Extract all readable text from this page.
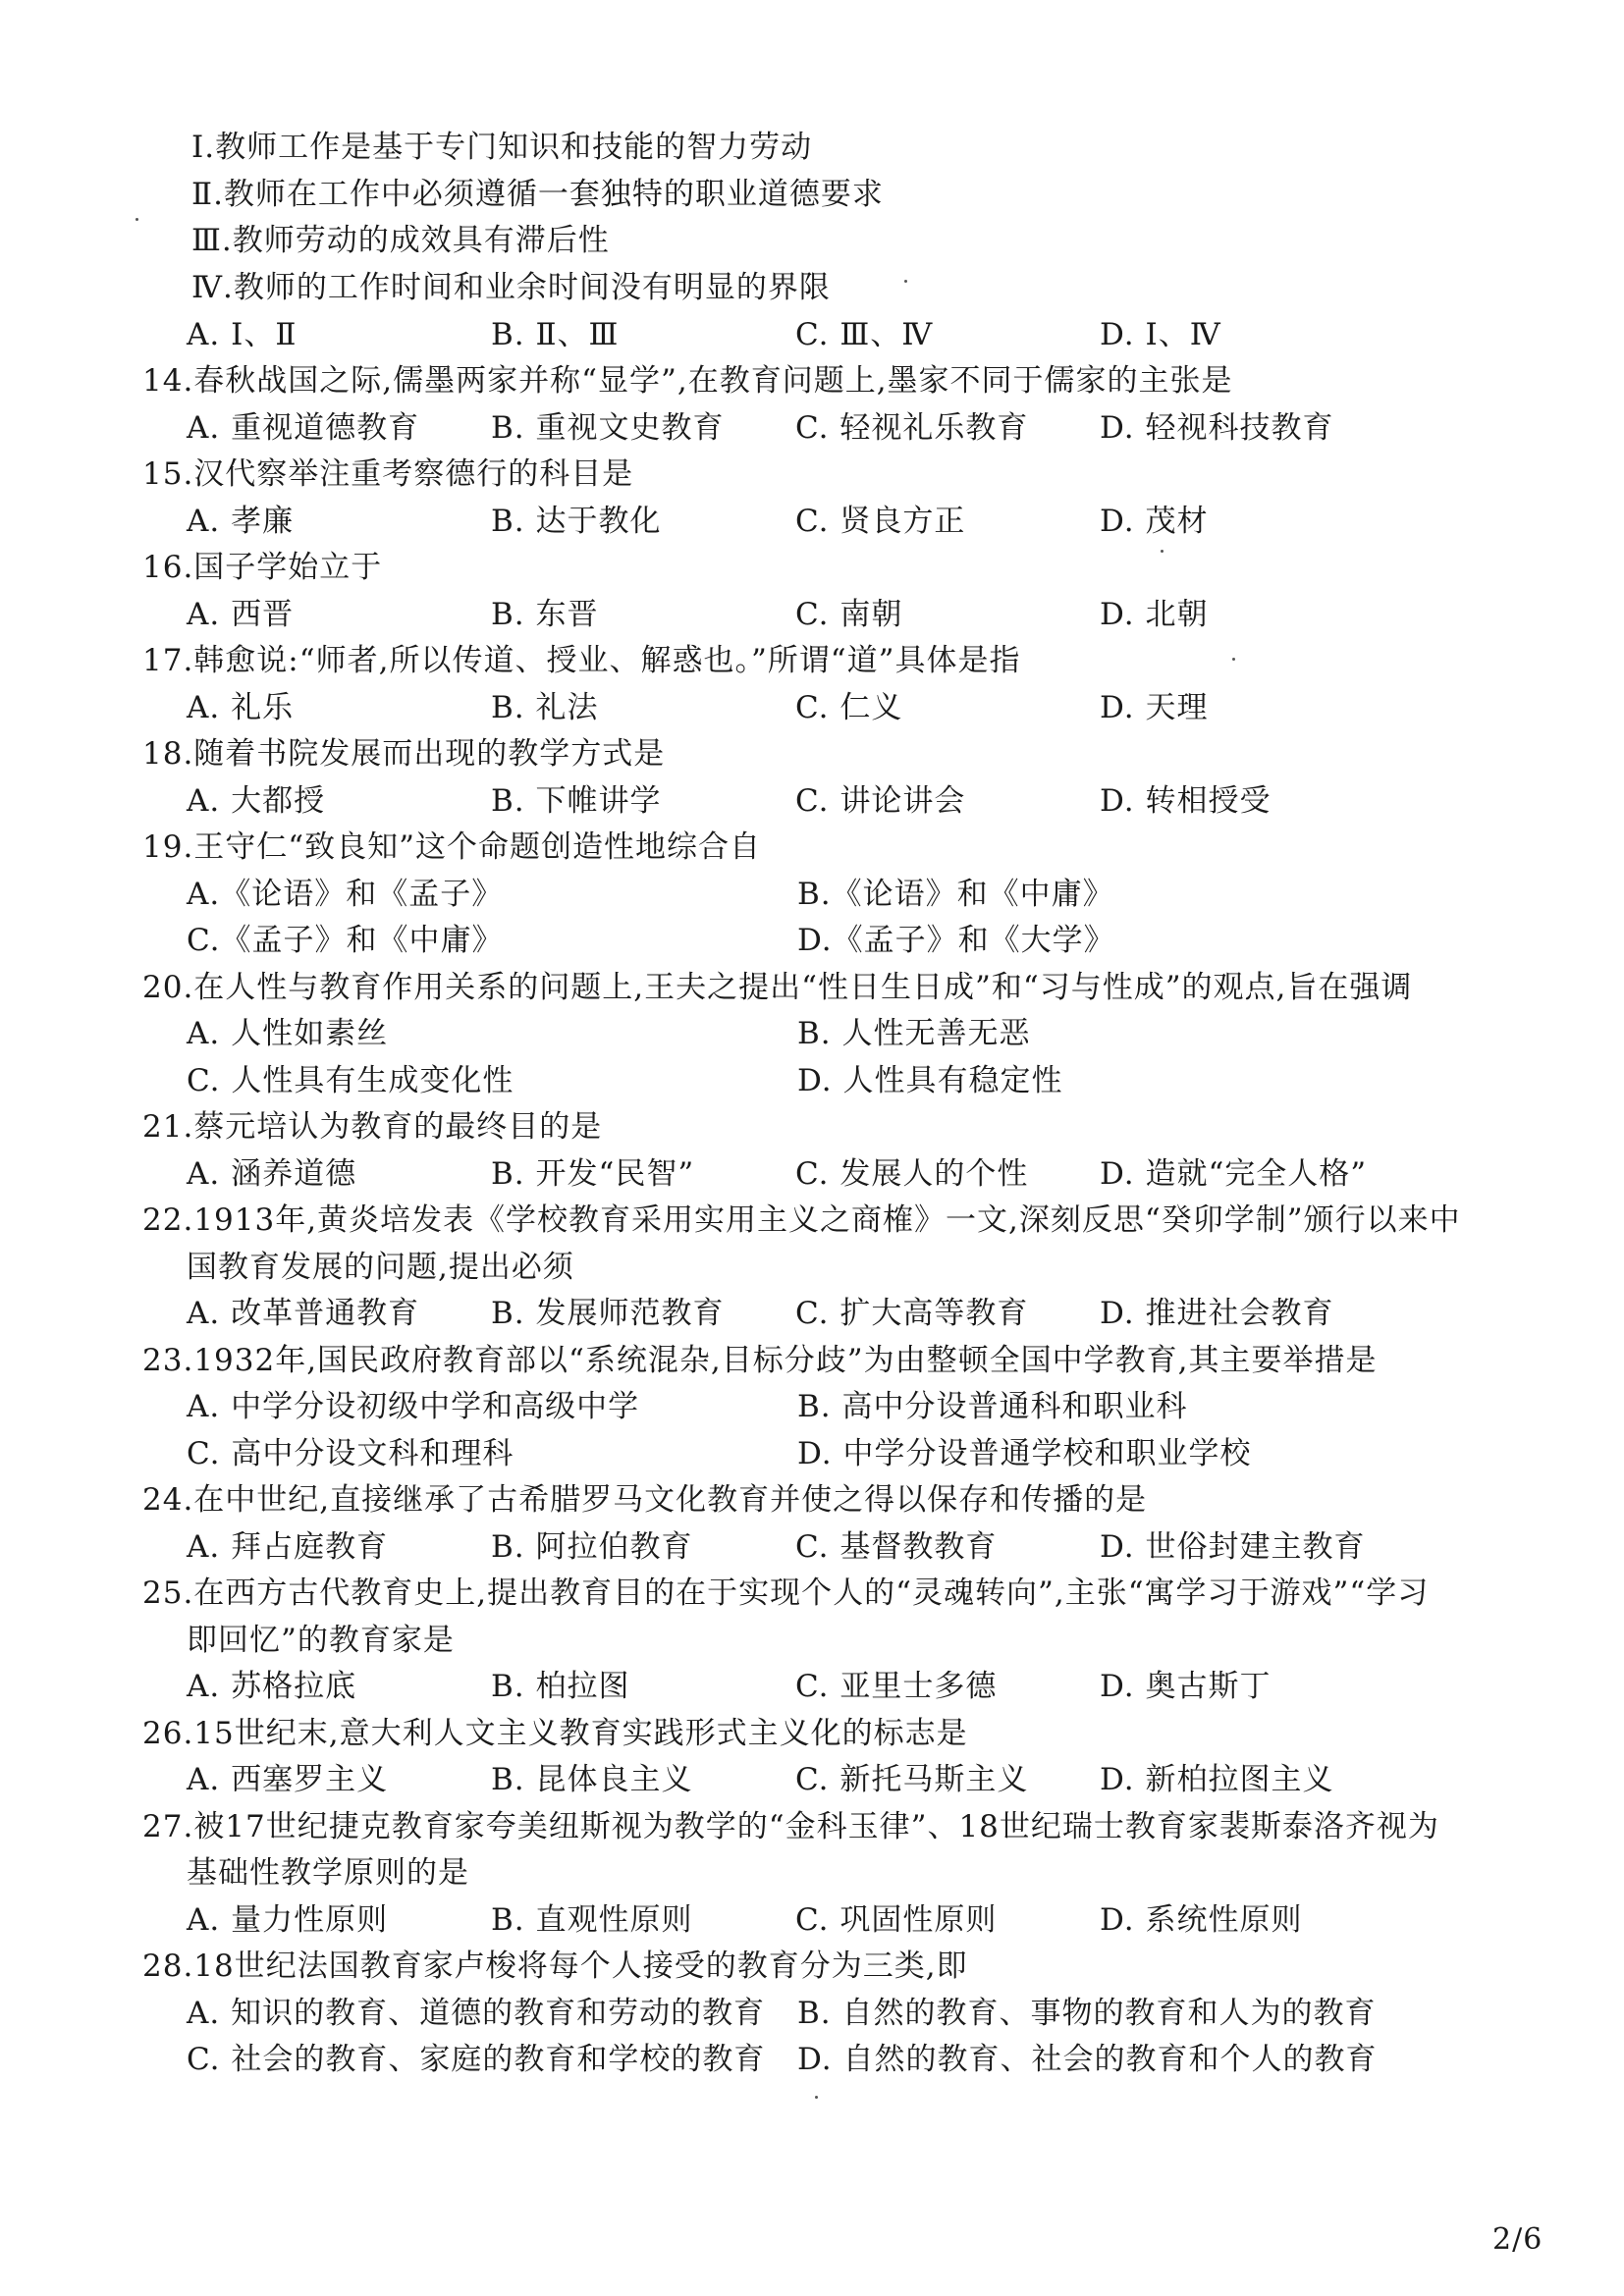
Ⅰ.教师工作是基于专门知识和技能的智力劳动
Ⅱ.教师在工作中必须遵循一套独特的职业道德要求
Ⅲ.教师劳动的成效具有滞后性
Ⅳ.教师的工作时间和业余时间没有明显的界限
A. Ⅰ、Ⅱ	B. Ⅱ、Ⅲ	C. Ⅲ、Ⅳ	D. Ⅰ、Ⅳ
14.春秋战国之际,儒墨两家并称“显学”,在教育问题上,墨家不同于儒家的主张是
A. 重视道德教育 B. 重视文史教育 C. 轻视礼乐教育 D. 轻视科技教育
15.汉代察举注重考察德行的科目是
A. 孝廉	B. 达于教化	C. 贤良方正	D. 茂材
16.国子学始立于
A. 西晋	B. 东晋	C. 南朝	D. 北朝
17.韩愈说:“师者,所以传道、授业、解惑也。”所谓“道”具体是指
A. 礼乐	B. 礼法	C. 仁义	D. 天理
18.随着书院发展而出现的教学方式是
A. 大都授	B. 下帷讲学	C. 讲论讲会	D. 转相授受
19.王守仁“致良知”这个命题创造性地综合自
A.《论语》和《孟子》	B.《论语》和《中庸》
C.《孟子》和《中庸》	D.《孟子》和《大学》
20.在人性与教育作用关系的问题上,王夫之提出“性日生日成”和“习与性成”的观点,旨在强调
A. 人性如素丝	B. 人性无善无恶
C. 人性具有生成变化性	D. 人性具有稳定性
21.蔡元培认为教育的最终目的是
A. 涵养道德	B. 开发“民智”	C. 发展人的个性 D. 造就“完全人格”
22.1913年,黄炎培发表《学校教育采用实用主义之商榷》一文,深刻反思“癸卯学制”颁行以来中
国教育发展的问题,提出必须
A. 改革普通教育 B. 发展师范教育 C. 扩大高等教育 D. 推进社会教育
23.1932年,国民政府教育部以“系统混杂,目标分歧”为由整顿全国中学教育,其主要举措是
A. 中学分设初级中学和高级中学	B. 高中分设普通科和职业科
C. 高中分设文科和理科	D. 中学分设普通学校和职业学校
24.在中世纪,直接继承了古希腊罗马文化教育并使之得以保存和传播的是
A. 拜占庭教育	B. 阿拉伯教育	C. 基督教教育	D. 世俗封建主教育
25.在西方古代教育史上,提出教育目的在于实现个人的“灵魂转向”,主张“寓学习于游戏”“学习
即回忆”的教育家是
A. 苏格拉底	B. 柏拉图	C. 亚里士多德	D. 奥古斯丁
26.15世纪末,意大利人文主义教育实践形式主义化的标志是
A. 西塞罗主义	B. 昆体良主义	C. 新托马斯主义 D. 新柏拉图主义
27.被17世纪捷克教育家夸美纽斯视为教学的“金科玉律”、18世纪瑞士教育家裴斯泰洛齐视为
基础性教学原则的是
A. 量力性原则	B. 直观性原则	C. 巩固性原则	D. 系统性原则
28.18世纪法国教育家卢梭将每个人接受的教育分为三类,即
A. 知识的教育、道德的教育和劳动的教育 B. 自然的教育、事物的教育和人为的教育
C. 社会的教育、家庭的教育和学校的教育 D. 自然的教育、社会的教育和个人的教育
2/6
